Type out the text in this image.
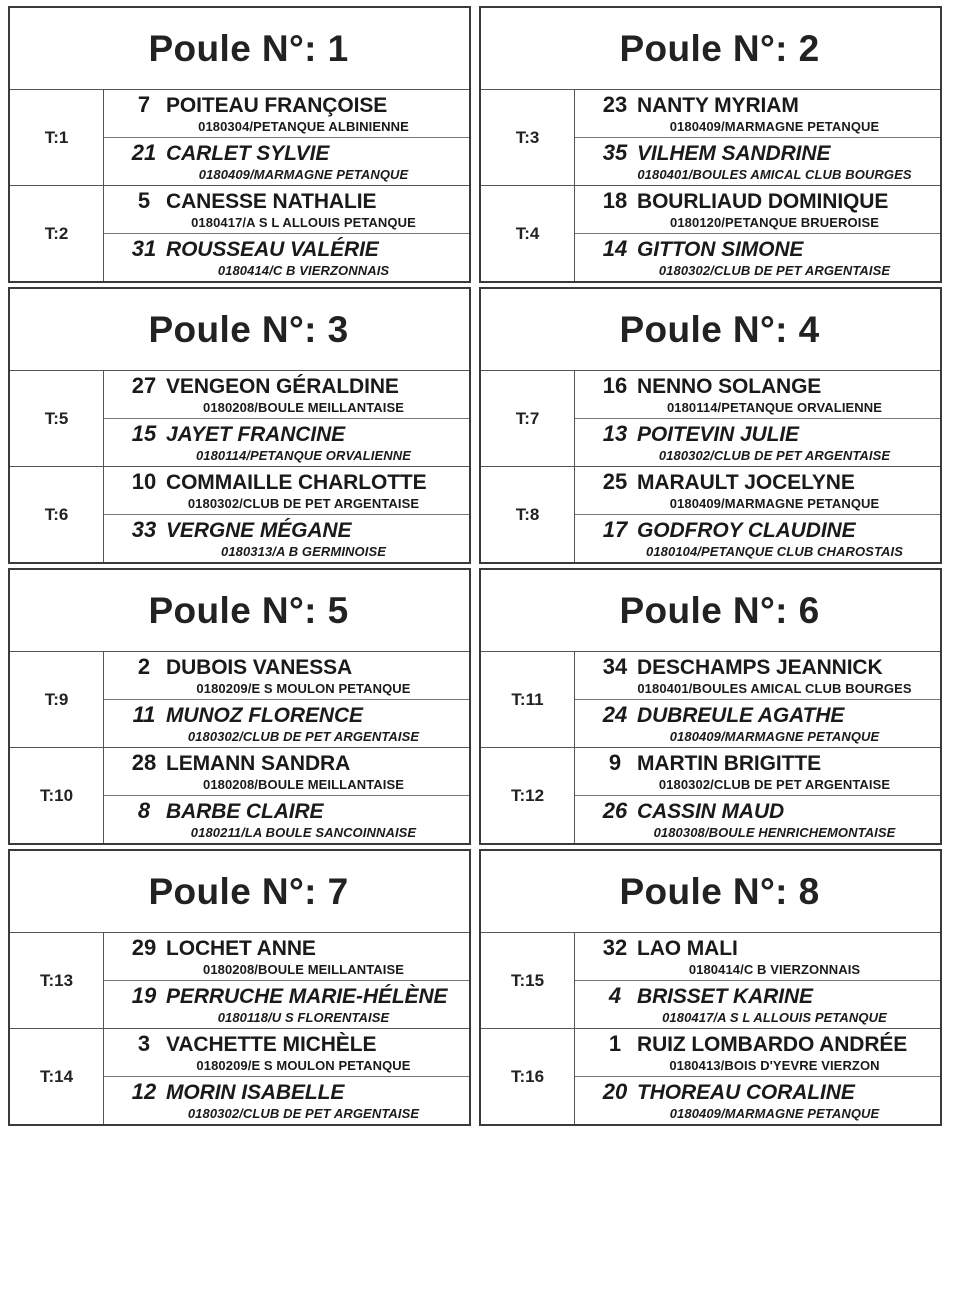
Poule N°: 1
T:1
7 POITEAU FRANÇOISE
0180304/PETANQUE ALBINIENNE
21 CARLET SYLVIE
0180409/MARMAGNE PETANQUE
T:2
5 CANESSE NATHALIE
0180417/A S L ALLOUIS PETANQUE
31 ROUSSEAU VALÉRIE
0180414/C B VIERZONNAIS
Poule N°: 2
T:3
23 NANTY MYRIAM
0180409/MARMAGNE PETANQUE
35 VILHEM SANDRINE
0180401/BOULES AMICAL CLUB BOURGES
T:4
18 BOURLIAUD DOMINIQUE
0180120/PETANQUE BRUEROISE
14 GITTON SIMONE
0180302/CLUB DE PET ARGENTAISE
Poule N°: 3
T:5
27 VENGEON GÉRALDINE
0180208/BOULE MEILLANTAISE
15 JAYET FRANCINE
0180114/PETANQUE ORVALIENNE
T:6
10 COMMAILLE CHARLOTTE
0180302/CLUB DE PET ARGENTAISE
33 VERGNE MÉGANE
0180313/A B GERMINOISE
Poule N°: 4
T:7
16 NENNO SOLANGE
0180114/PETANQUE ORVALIENNE
13 POITEVIN JULIE
0180302/CLUB DE PET ARGENTAISE
T:8
25 MARAULT JOCELYNE
0180409/MARMAGNE PETANQUE
17 GODFROY CLAUDINE
0180104/PETANQUE CLUB CHAROSTAIS
Poule N°: 5
T:9
2 DUBOIS VANESSA
0180209/E S MOULON PETANQUE
11 MUNOZ FLORENCE
0180302/CLUB DE PET ARGENTAISE
T:10
28 LEMANN SANDRA
0180208/BOULE MEILLANTAISE
8 BARBE CLAIRE
0180211/LA BOULE SANCOINNAISE
Poule N°: 6
T:11
34 DESCHAMPS JEANNICK
0180401/BOULES AMICAL CLUB BOURGES
24 DUBREULE AGATHE
0180409/MARMAGNE PETANQUE
T:12
9 MARTIN BRIGITTE
0180302/CLUB DE PET ARGENTAISE
26 CASSIN MAUD
0180308/BOULE HENRICHEMONTAISE
Poule N°: 7
T:13
29 LOCHET ANNE
0180208/BOULE MEILLANTAISE
19 PERRUCHE MARIE-HÉLÈNE
0180118/U S FLORENTAISE
T:14
3 VACHETTE MICHÈLE
0180209/E S MOULON PETANQUE
12 MORIN ISABELLE
0180302/CLUB DE PET ARGENTAISE
Poule N°: 8
T:15
32 LAO MALI
0180414/C B VIERZONNAIS
4 BRISSET KARINE
0180417/A S L ALLOUIS PETANQUE
T:16
1 RUIZ LOMBARDO ANDRÉE
0180413/BOIS D'YEVRE VIERZON
20 THOREAU CORALINE
0180409/MARMAGNE PETANQUE
